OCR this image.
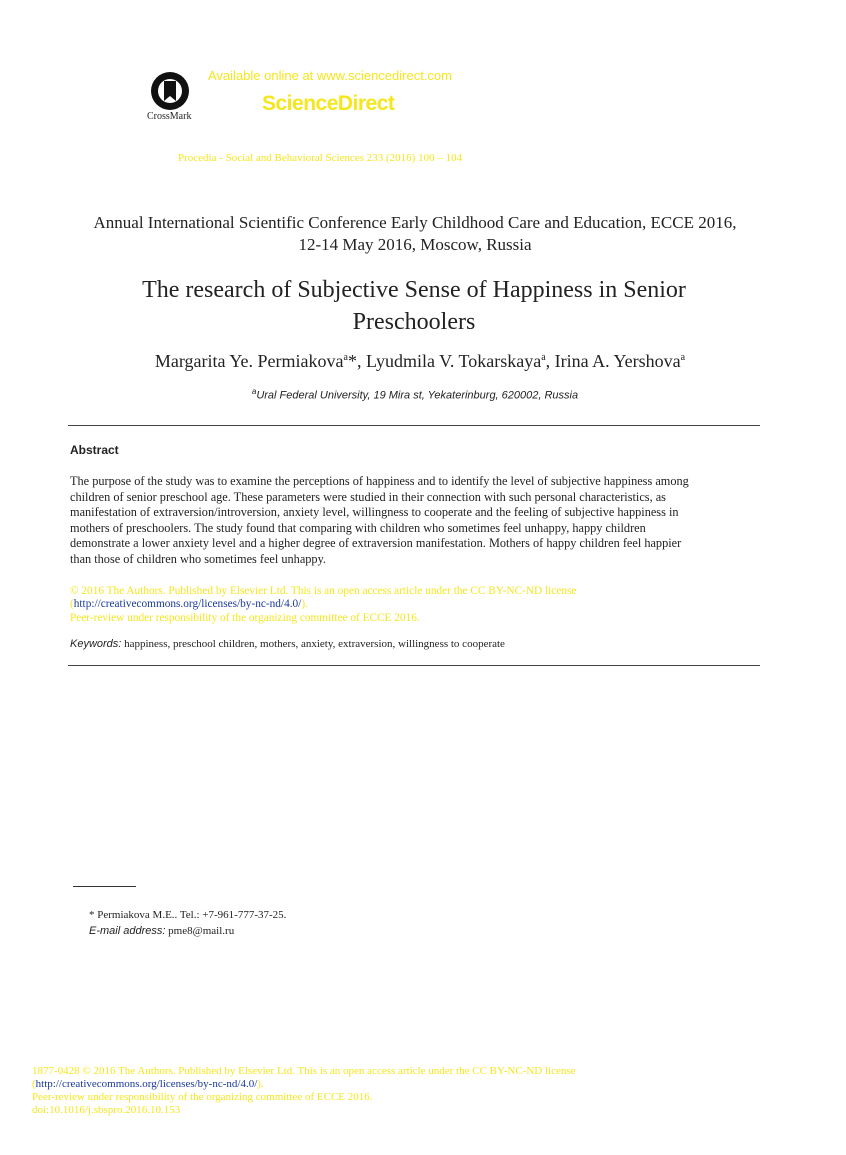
CrossMark
Available online at www.sciencedirect.com
ScienceDirect
Procedia - Social and Behavioral Sciences 233 (2016) 100 – 104
Annual International Scientific Conference Early Childhood Care and Education, ECCE 2016,
12-14 May 2016, Moscow, Russia
The research of Subjective Sense of Happiness in Senior
Preschoolers
Margarita Ye. Permiakova$^a$*, Lyudmila V. Tokarskaya$^a$, Irina A. Yershova$^a$
$^a$Ural Federal University, 19 Mira st, Yekaterinburg, 620002, Russia
Abstract
The purpose of the study was to examine the perceptions of happiness and to identify the level of subjective happiness among
children of senior preschool age. These parameters were studied in their connection with such personal characteristics, as
manifestation of extraversion/introversion, anxiety level, willingness to cooperate and the feeling of subjective happiness in
mothers of preschoolers. The study found that comparing with children who sometimes feel unhappy, happy children
demonstrate a lower anxiety level and a higher degree of extraversion manifestation. Mothers of happy children feel happier
than those of children who sometimes feel unhappy.
© 2016 The Authors. Published by Elsevier Ltd. This is an open access article under the CC BY-NC-ND license
(http://creativecommons.org/licenses/by-nc-nd/4.0/).
Peer-review under responsibility of the organizing committee of ECCE 2016.
Keywords: happiness, preschool children, mothers, anxiety, extraversion, willingness to cooperate
* Permiakova M.E.. Tel.: +7-961-777-37-25.
E-mail address: pme8@mail.ru
1877-0428 © 2016 The Authors. Published by Elsevier Ltd. This is an open access article under the CC BY-NC-ND license
(http://creativecommons.org/licenses/by-nc-nd/4.0/).
Peer-review under responsibility of the organizing committee of ECCE 2016.
doi:10.1016/j.sbspro.2016.10.153
